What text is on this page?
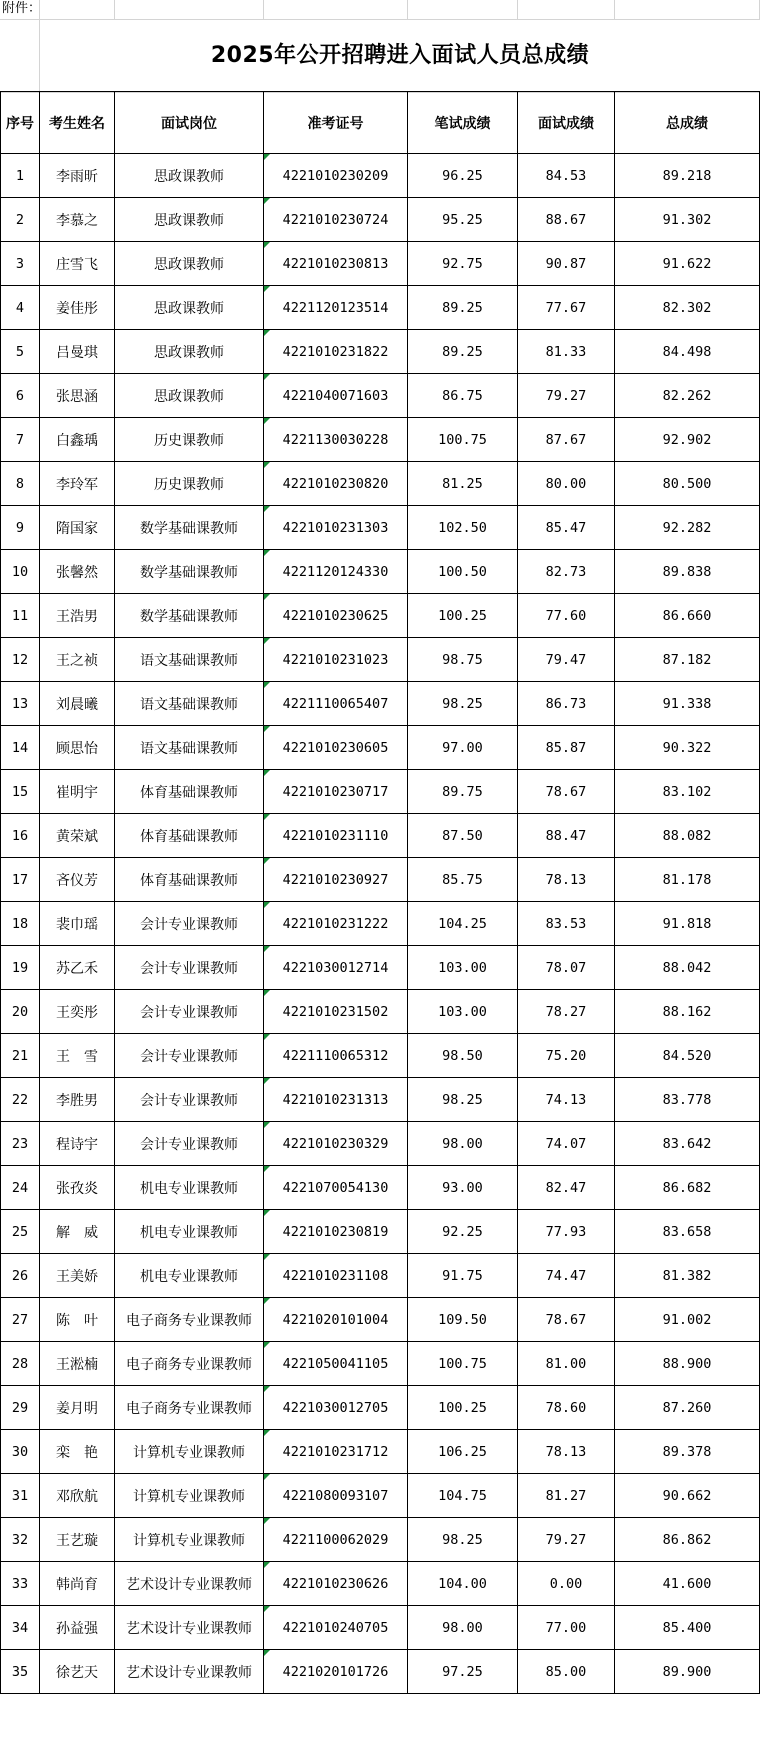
附件：
2025年公开招聘进入面试人员总成绩
序号	考生姓名	面试岗位	准考证号	笔试成绩	面试成绩	总成绩
1	李雨昕	思政课教师	4221010230209	96.25	84.53	89.218
2	李慕之	思政课教师	4221010230724	95.25	88.67	91.302
3	庄雪飞	思政课教师	4221010230813	92.75	90.87	91.622
4	姜佳彤	思政课教师	4221120123514	89.25	77.67	82.302
5	吕曼琪	思政课教师	4221010231822	89.25	81.33	84.498
6	张思涵	思政课教师	4221040071603	86.75	79.27	82.262
7	白鑫瑀	历史课教师	4221130030228	100.75	87.67	92.902
8	李玲军	历史课教师	4221010230820	81.25	80.00	80.500
9	隋国家	数学基础课教师	4221010231303	102.50	85.47	92.282
10	张馨然	数学基础课教师	4221120124330	100.50	82.73	89.838
11	王浩男	数学基础课教师	4221010230625	100.25	77.60	86.660
12	王之祯	语文基础课教师	4221010231023	98.75	79.47	87.182
13	刘晨曦	语文基础课教师	4221110065407	98.25	86.73	91.338
14	顾思怡	语文基础课教师	4221010230605	97.00	85.87	90.322
15	崔明宇	体育基础课教师	4221010230717	89.75	78.67	83.102
16	黄荣斌	体育基础课教师	4221010231110	87.50	88.47	88.082
17	吝仪芳	体育基础课教师	4221010230927	85.75	78.13	81.178
18	裴巾瑶	会计专业课教师	4221010231222	104.25	83.53	91.818
19	苏乙禾	会计专业课教师	4221030012714	103.00	78.07	88.042
20	王奕彤	会计专业课教师	4221010231502	103.00	78.27	88.162
21	王　雪	会计专业课教师	4221110065312	98.50	75.20	84.520
22	李胜男	会计专业课教师	4221010231313	98.25	74.13	83.778
23	程诗宇	会计专业课教师	4221010230329	98.00	74.07	83.642
24	张孜炎	机电专业课教师	4221070054130	93.00	82.47	86.682
25	解　威	机电专业课教师	4221010230819	92.25	77.93	83.658
26	王美娇	机电专业课教师	4221010231108	91.75	74.47	81.382
27	陈　叶	电子商务专业课教师	4221020101004	109.50	78.67	91.002
28	王淞楠	电子商务专业课教师	4221050041105	100.75	81.00	88.900
29	姜月明	电子商务专业课教师	4221030012705	100.25	78.60	87.260
30	栾　艳	计算机专业课教师	4221010231712	106.25	78.13	89.378
31	邓欣航	计算机专业课教师	4221080093107	104.75	81.27	90.662
32	王艺璇	计算机专业课教师	4221100062029	98.25	79.27	86.862
33	韩尚育	艺术设计专业课教师	4221010230626	104.00	0.00	41.600
34	孙益强	艺术设计专业课教师	4221010240705	98.00	77.00	85.400
35	徐艺天	艺术设计专业课教师	4221020101726	97.25	85.00	89.900
